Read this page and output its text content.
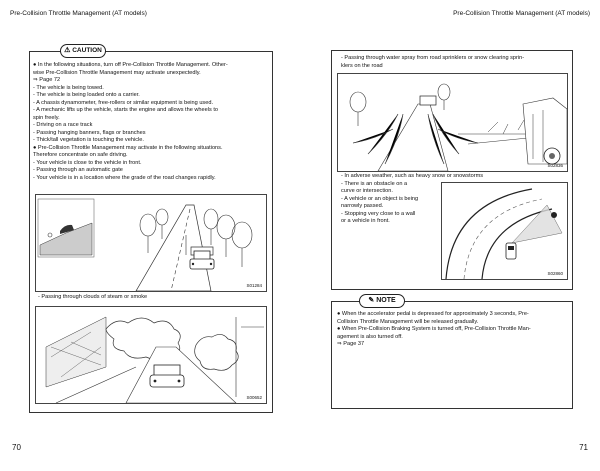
Pre-Collision Throttle Management (AT models)	Pre-Collision Throttle Management (AT models)
⚠ CAUTION
● In the following situations, turn off Pre-Collision Throttle Management. Other-
wise Pre-Collision Throttle Management may activate unexpectedly.
⇒ Page 72
- The vehicle is being towed.
- The vehicle is being loaded onto a carrier.
- A chassis dynamometer, free-rollers or similar equipment is being used.
- A mechanic lifts up the vehicle, starts the engine and allows the wheels to
spin freely.
- Driving on a race track
- Passing hanging banners, flags or branches
- Thick/tall vegetation is touching the vehicle.
● Pre-Collision Throttle Management may activate in the following situations.
Therefore concentrate on safe driving.
- Your vehicle is close to the vehicle in front.
- Passing through an automatic gate
- Your vehicle is in a location where the grade of the road changes rapidly.
S01284
- Passing through clouds of steam or smoke
S00652
70
- Passing through water spray from road sprinklers or snow clearing sprin-
klers on the road
S02836
- In adverse weather, such as heavy snow or snowstorms
- There is an obstacle on a
curve or intersection.
- A vehicle or an object is being
narrowly passed.
- Stopping very close to a wall
or a vehicle in front.
S02860
✎ NOTE
● When the accelerator pedal is depressed for approximately 3 seconds, Pre-
Collision Throttle Management will be released gradually.
● When Pre-Collision Braking System is turned off, Pre-Collision Throttle Man-
agement is also turned off.
⇒ Page 37
71
